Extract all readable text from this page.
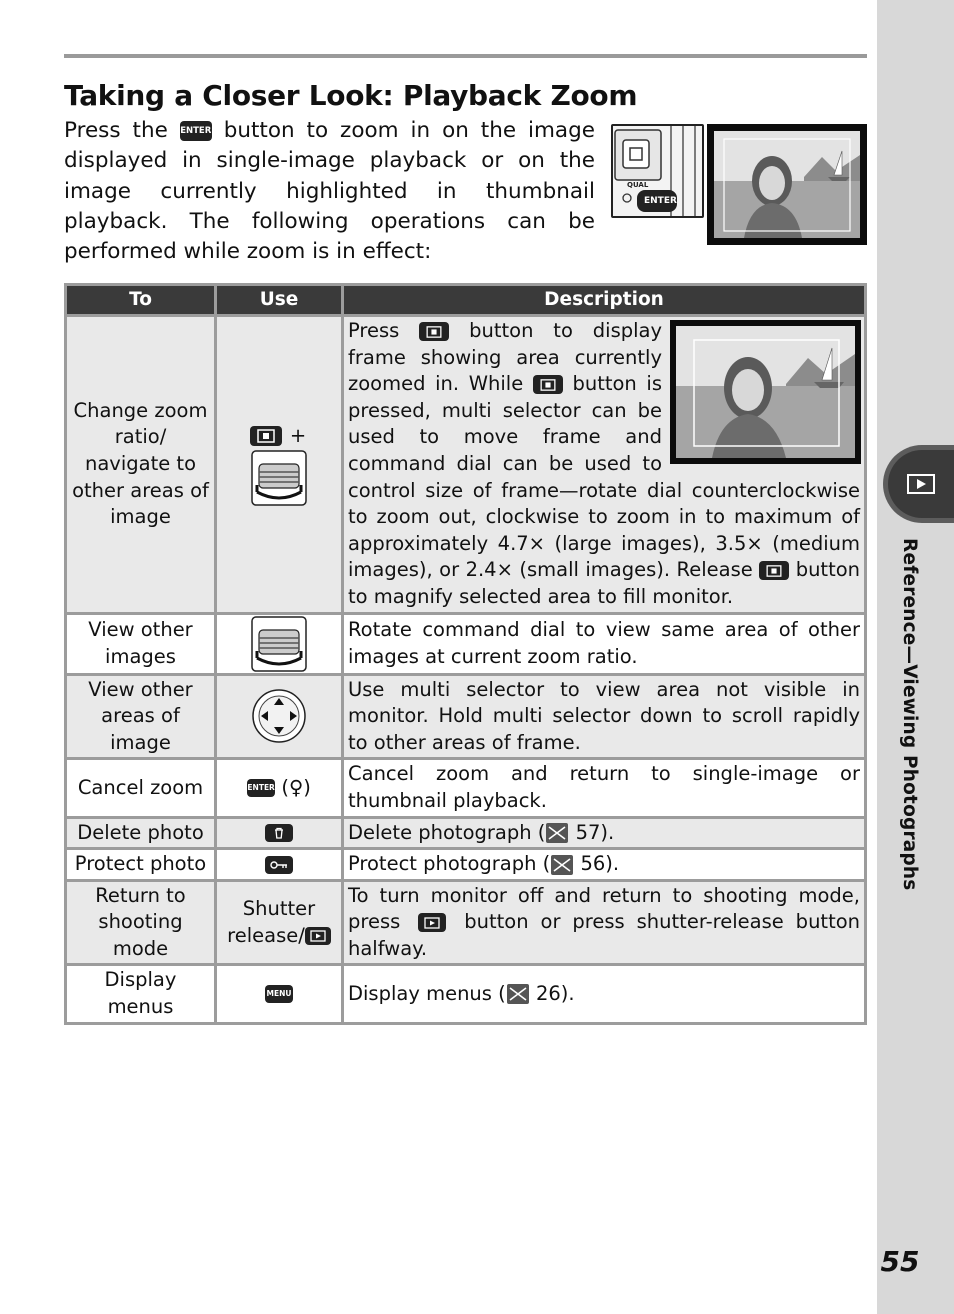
Taking a Closer Look: Playback Zoom

Press the ENTER button to zoom in on the image displayed in single-image playback or on the image currently highlighted in thumbnail playback. The following operations can be performed while zoom is in effect:

QUAL
ENTER
To	Use	Description
Change zoom ratio/ navigate to other areas of image	+	Press button to display frame showing area currently zoomed in. While button is pressed, multi selector can be used to move frame and command dial can be used to control size of frame—rotate dial counterclockwise to zoom out, clockwise to zoom in to maximum of approximately 4.7× (large images), 3.5× (medium images), or 2.4× (small images). Release button to magnify selected area to fill monitor.
View other images		Rotate command dial to view same area of other images at current zoom ratio.
View other areas of image		Use multi selector to view area not visible in monitor. Hold multi selector down to scroll rapidly to other areas of frame.
Cancel zoom	ENTER (♀)	Cancel zoom and return to single-image or thumbnail playback.
Delete photo		Delete photograph ( 57).
Protect photo		Protect photograph ( 56).
Return to shooting mode	Shutter release/	To turn monitor off and return to shooting mode, press button or press shutter-release button halfway.
Display menus	MENU	Display menus ( 26).
Reference—Viewing Photographs
55
